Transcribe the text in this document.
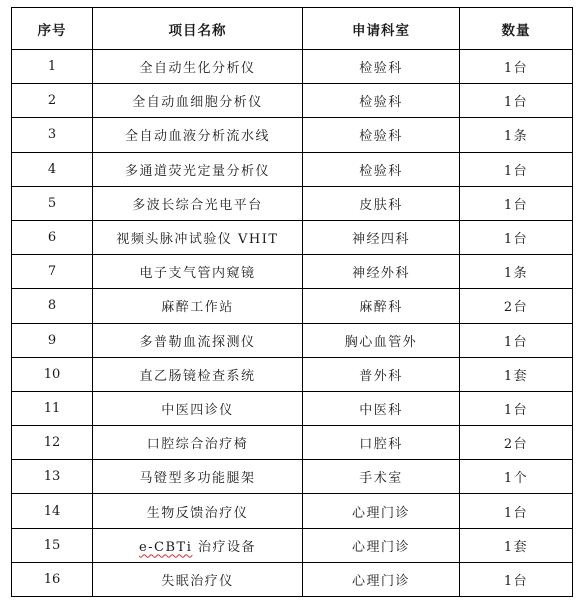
序号	项目名称	申请科室	数量
1	全自动生化分析仪	检验科	1台
2	全自动血细胞分析仪	检验科	1台
3	全自动血液分析流水线	检验科	1条
4	多通道荧光定量分析仪	检验科	1台
5	多波长综合光电平台	皮肤科	1台
6	视频头脉冲试验仪 VHIT	神经四科	1台
7	电子支气管内窥镜	神经外科	1条
8	麻醉工作站	麻醉科	2台
9	多普勒血流探测仪	胸心血管外	1台
10	直乙肠镜检查系统	普外科	1套
11	中医四诊仪	中医科	1台
12	口腔综合治疗椅	口腔科	2台
13	马镫型多功能腿架	手术室	1个
14	生物反馈治疗仪	心理门诊	1台
15	e-CBTi 治疗设备	心理门诊	1套
16	失眠治疗仪	心理门诊	1台
